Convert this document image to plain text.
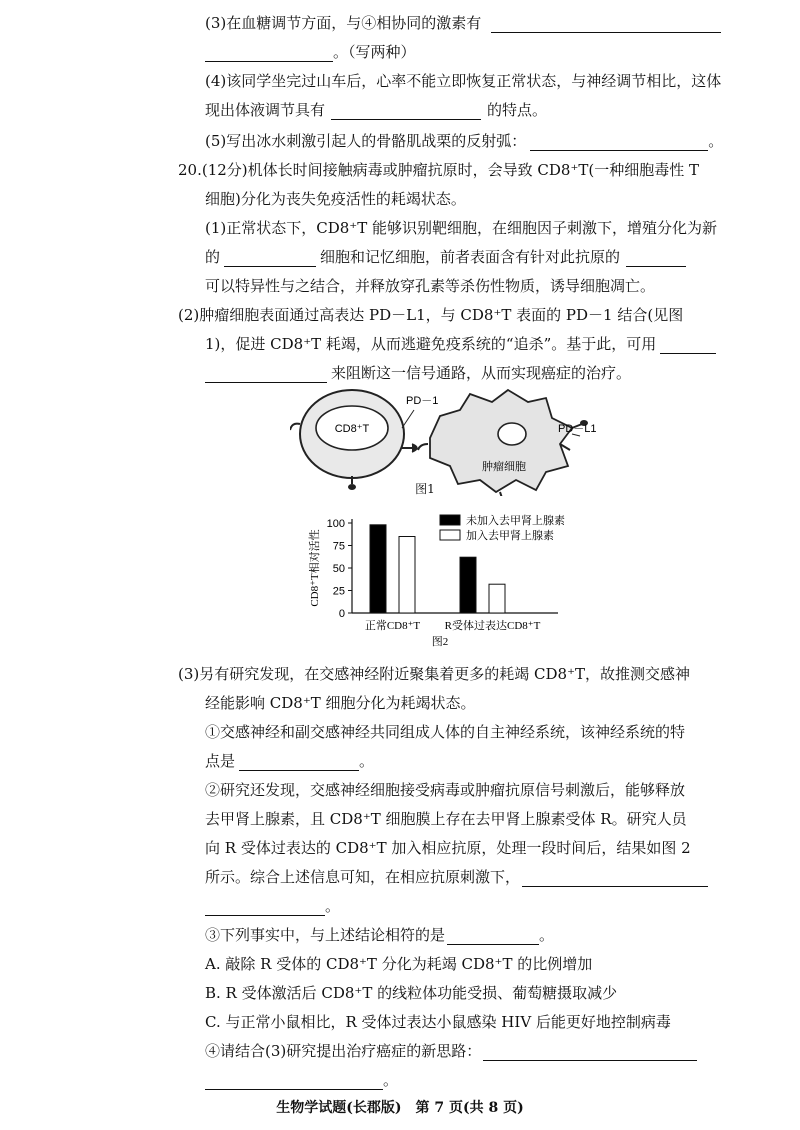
(3)在血糖调节方面，与④相协同的激素有
。（写两种）
(4)该同学坐完过山车后，心率不能立即恢复正常状态，与神经调节相比，这体
现出体液调节具有	的特点。
(5)写出冰水刺激引起人的骨骼肌战栗的反射弧：	。
20.(12分)机体长时间接触病毒或肿瘤抗原时，会导致 CD8⁺T(一种细胞毒性 T
细胞)分化为丧失免疫活性的耗竭状态。
(1)正常状态下，CD8⁺T 能够识别靶细胞，在细胞因子刺激下，增殖分化为新
的	细胞和记忆细胞，前者表面含有针对此抗原的
可以特异性与之结合，并释放穿孔素等杀伤性物质，诱导细胞凋亡。
(2)肿瘤细胞表面通过高表达 PD－L1，与 CD8⁺T 表面的 PD－1 结合(见图
1)，促进 CD8⁺T 耗竭，从而逃避免疫系统的“追杀”。基于此，可用
来阻断这一信号通路，从而实现癌症的治疗。
CD8⁺T
PD－1
肿瘤细胞
PD－L1
图1
0
25
50
75
100
CD8⁺T相对活性
正常CD8⁺T R受体过表达CD8⁺T
未加入去甲肾上腺素
加入去甲肾上腺素
图2
(3)另有研究发现，在交感神经附近聚集着更多的耗竭 CD8⁺T，故推测交感神
经能影响 CD8⁺T 细胞分化为耗竭状态。
①交感神经和副交感神经共同组成人体的自主神经系统，该神经系统的特
点是	。
②研究还发现，交感神经细胞接受病毒或肿瘤抗原信号刺激后，能够释放
去甲肾上腺素，且 CD8⁺T 细胞膜上存在去甲肾上腺素受体 R。研究人员
向 R 受体过表达的 CD8⁺T 加入相应抗原，处理一段时间后，结果如图 2
所示。综合上述信息可知，在相应抗原刺激下，
。
③下列事实中，与上述结论相符的是	。
A. 敲除 R 受体的 CD8⁺T 分化为耗竭 CD8⁺T 的比例增加
B. R 受体激活后 CD8⁺T 的线粒体功能受损、葡萄糖摄取减少
C. 与正常小鼠相比，R 受体过表达小鼠感染 HIV 后能更好地控制病毒
④请结合(3)研究提出治疗癌症的新思路：
。
生物学试题(长郡版)　第 7 页(共 8 页)
